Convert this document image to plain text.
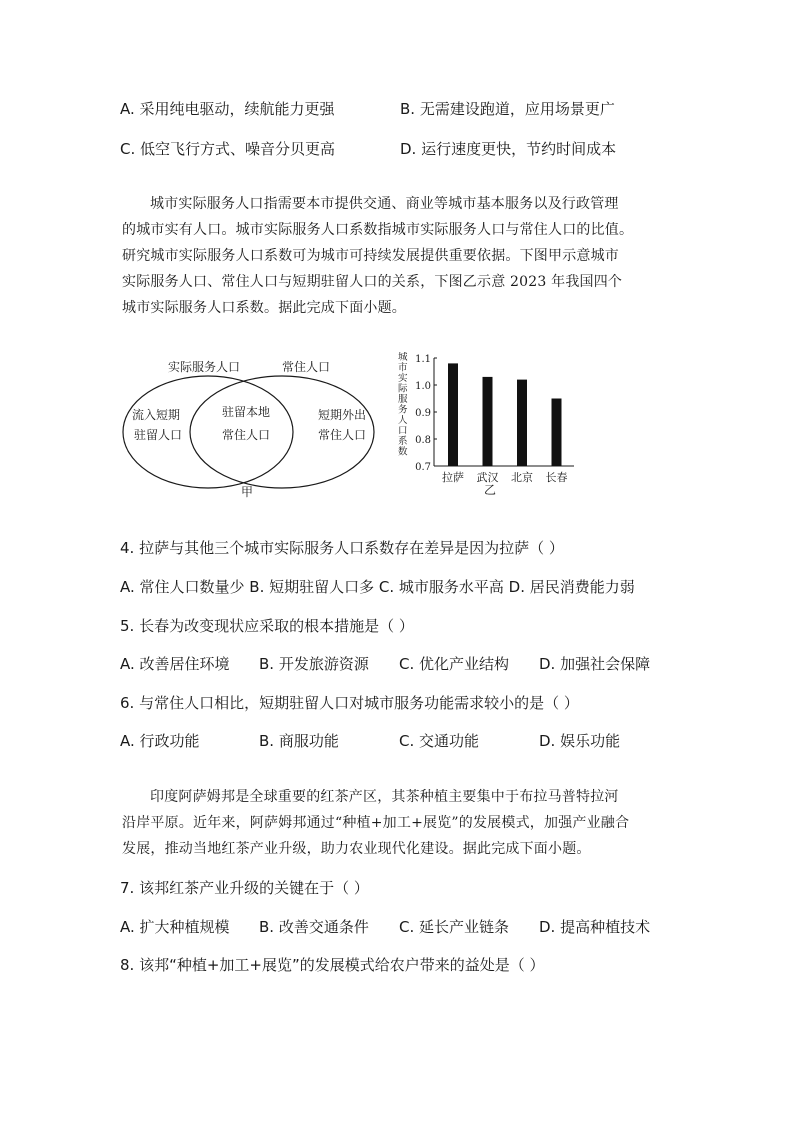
A. 采用纯电驱动，续航能力更强	B. 无需建设跑道，应用场景更广
C. 低空飞行方式、噪音分贝更高	D. 运行速度更快，节约时间成本

城市实际服务人口指需要本市提供交通、商业等城市基本服务以及行政管理

的城市实有人口。城市实际服务人口系数指城市实际服务人口与常住人口的比值。

研究城市实际服务人口系数可为城市可持续发展提供重要依据。下图甲示意城市

实际服务人口、常住人口与短期驻留人口的关系，下图乙示意 2023 年我国四个

城市实际服务人口系数。据此完成下面小题。

实际服务人口	常住人口
流入短期
驻留人口
驻留本地
常住人口
短期外出
常住人口
甲
城
市
实
际
服
务
人
口
系
数
0.7
0.8
0.9
1.0
1.1
拉萨 武汉 北京 长春
乙
4. 拉萨与其他三个城市实际服务人口系数存在差异是因为拉萨（ ）
A. 常住人口数量少 B. 短期驻留人口多 C. 城市服务水平高 D. 居民消费能力弱
5. 长春为改变现状应采取的根本措施是（ ）
A. 改善居住环境 B. 开发旅游资源 C. 优化产业结构 D. 加强社会保障
6. 与常住人口相比，短期驻留人口对城市服务功能需求较小的是（ ）
A. 行政功能	B. 商服功能	C. 交通功能	D. 娱乐功能

印度阿萨姆邦是全球重要的红茶产区，其茶种植主要集中于布拉马普特拉河

沿岸平原。近年来，阿萨姆邦通过“种植+加工+展览”的发展模式，加强产业融合

发展，推动当地红茶产业升级，助力农业现代化建设。据此完成下面小题。

7. 该邦红茶产业升级的关键在于（ ）
A. 扩大种植规模 B. 改善交通条件 C. 延长产业链条 D. 提高种植技术
8. 该邦“种植+加工+展览”的发展模式给农户带来的益处是（ ）
